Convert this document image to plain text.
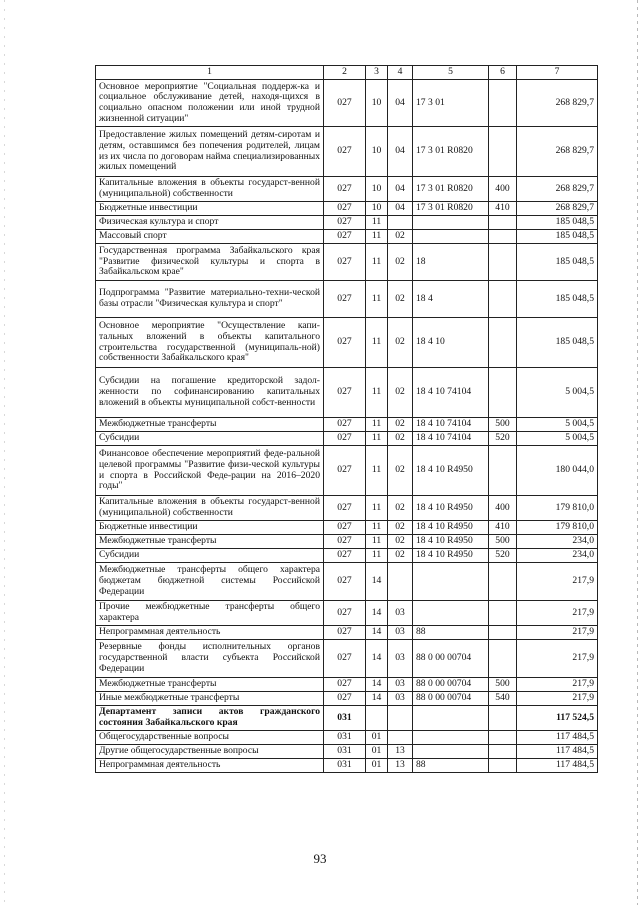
1	2	3	4	5	6	7
Основное мероприятие "Социальная поддерж-ка и социальное обслуживание детей, находя-щихся в социально опасном положении или иной трудной жизненной ситуации"	027	10	04	17 3 01		268 829,7
Предоставление жилых помещений детям-сиротам и детям, оставшимся без попечения родителей, лицам из их числа по договорам найма специализированных жилых помещений	027	10	04	17 3 01 R0820		268 829,7
Капитальные вложения в объекты государст-венной (муниципальной) собственности	027	10	04	17 3 01 R0820	400	268 829,7
Бюджетные инвестиции	027	10	04	17 3 01 R0820	410	268 829,7
Физическая культура и спорт	027	11				185 048,5
Массовый спорт	027	11	02			185 048,5
Государственная программа Забайкальского края "Развитие физической культуры и спорта в Забайкальском крае"	027	11	02	18		185 048,5
Подпрограмма "Развитие материально-техни-ческой базы отрасли "Физическая культура и спорт"	027	11	02	18 4		185 048,5
Основное мероприятие "Осуществление капи-тальных вложений в объекты капитального строительства государственной (муниципаль-ной) собственности Забайкальского края"	027	11	02	18 4 10		185 048,5
Субсидии на погашение кредиторской задол-женности по софинансированию капитальных вложений в объекты муниципальной собст-венности	027	11	02	18 4 10 74104		5 004,5
Межбюджетные трансферты	027	11	02	18 4 10 74104	500	5 004,5
Субсидии	027	11	02	18 4 10 74104	520	5 004,5
Финансовое обеспечение мероприятий феде-ральной целевой программы "Развитие физи-ческой культуры и спорта в Российской Феде-рации на 2016–2020 годы"	027	11	02	18 4 10 R4950		180 044,0
Капитальные вложения в объекты государст-венной (муниципальной) собственности	027	11	02	18 4 10 R4950	400	179 810,0
Бюджетные инвестиции	027	11	02	18 4 10 R4950	410	179 810,0
Межбюджетные трансферты	027	11	02	18 4 10 R4950	500	234,0
Субсидии	027	11	02	18 4 10 R4950	520	234,0
Межбюджетные трансферты общего характера бюджетам бюджетной системы Российской Федерации	027	14				217,9
Прочие межбюджетные трансферты общего характера	027	14	03			217,9
Непрограммная деятельность	027	14	03	88		217,9
Резервные фонды исполнительных органов государственной власти субъекта Российской Федерации	027	14	03	88 0 00 00704		217,9
Межбюджетные трансферты	027	14	03	88 0 00 00704	500	217,9
Иные межбюджетные трансферты	027	14	03	88 0 00 00704	540	217,9
Департамент записи актов гражданского состояния Забайкальского края	031					117 524,5
Общегосударственные вопросы	031	01				117 484,5
Другие общегосударственные вопросы	031	01	13			117 484,5
Непрограммная деятельность	031	01	13	88		117 484,5
93
